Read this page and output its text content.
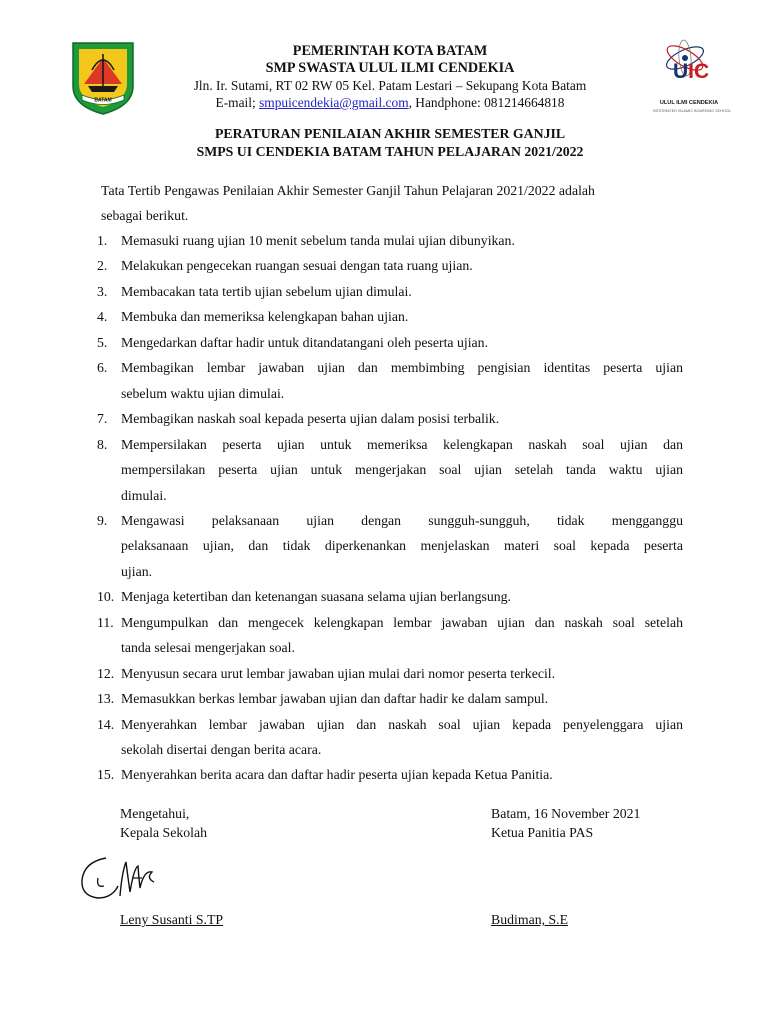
BATAM
UIC
ULUL ILMI CENDEKIA
INTEGRATED ISLAMIC BOARDING SCHOOL
PEMERINTAH KOTA BATAM
SMP SWASTA ULUL ILMI CENDEKIA
Jln. Ir. Sutami, RT 02 RW 05 Kel. Patam Lestari – Sekupang Kota Batam
E-mail; smpuicendekia@gmail.com, Handphone: 081214664818
PERATURAN PENILAIAN AKHIR SEMESTER GANJIL
SMPS UI CENDEKIA BATAM TAHUN PELAJARAN 2021/2022
Tata Tertib Pengawas Penilaian Akhir Semester Ganjil Tahun Pelajaran 2021/2022 adalah
sebagai berikut.
1. Memasuki ruang ujian 10 menit sebelum tanda mulai ujian dibunyikan.
2. Melakukan pengecekan ruangan sesuai dengan tata ruang ujian.
3. Membacakan tata tertib ujian sebelum ujian dimulai.
4. Membuka dan memeriksa kelengkapan bahan ujian.
5. Mengedarkan daftar hadir untuk ditandatangani oleh peserta ujian.
6. Membagikan lembar jawaban ujian dan membimbing pengisian identitas peserta ujian
sebelum waktu ujian dimulai.
7. Membagikan naskah soal kepada peserta ujian dalam posisi terbalik.
8. Mempersilakan peserta ujian untuk memeriksa kelengkapan naskah soal ujian dan
mempersilakan peserta ujian untuk mengerjakan soal ujian setelah tanda waktu ujian
dimulai.
9. Mengawasi pelaksanaan ujian dengan sungguh-sungguh, tidak mengganggu
pelaksanaan ujian, dan tidak diperkenankan menjelaskan materi soal kepada peserta
ujian.
10. Menjaga ketertiban dan ketenangan suasana selama ujian berlangsung.
11. Mengumpulkan dan mengecek kelengkapan lembar jawaban ujian dan naskah soal setelah
tanda selesai mengerjakan soal.
12. Menyusun secara urut lembar jawaban ujian mulai dari nomor peserta terkecil.
13. Memasukkan berkas lembar jawaban ujian dan daftar hadir ke dalam sampul.
14. Menyerahkan lembar jawaban ujian dan naskah soal ujian kepada penyelenggara ujian
sekolah disertai dengan berita acara.
15. Menyerahkan berita acara dan daftar hadir peserta ujian kepada Ketua Panitia.
Mengetahui,
Kepala Sekolah
Batam, 16 November 2021
Ketua Panitia PAS
Leny Susanti S.TP	Budiman, S.E
